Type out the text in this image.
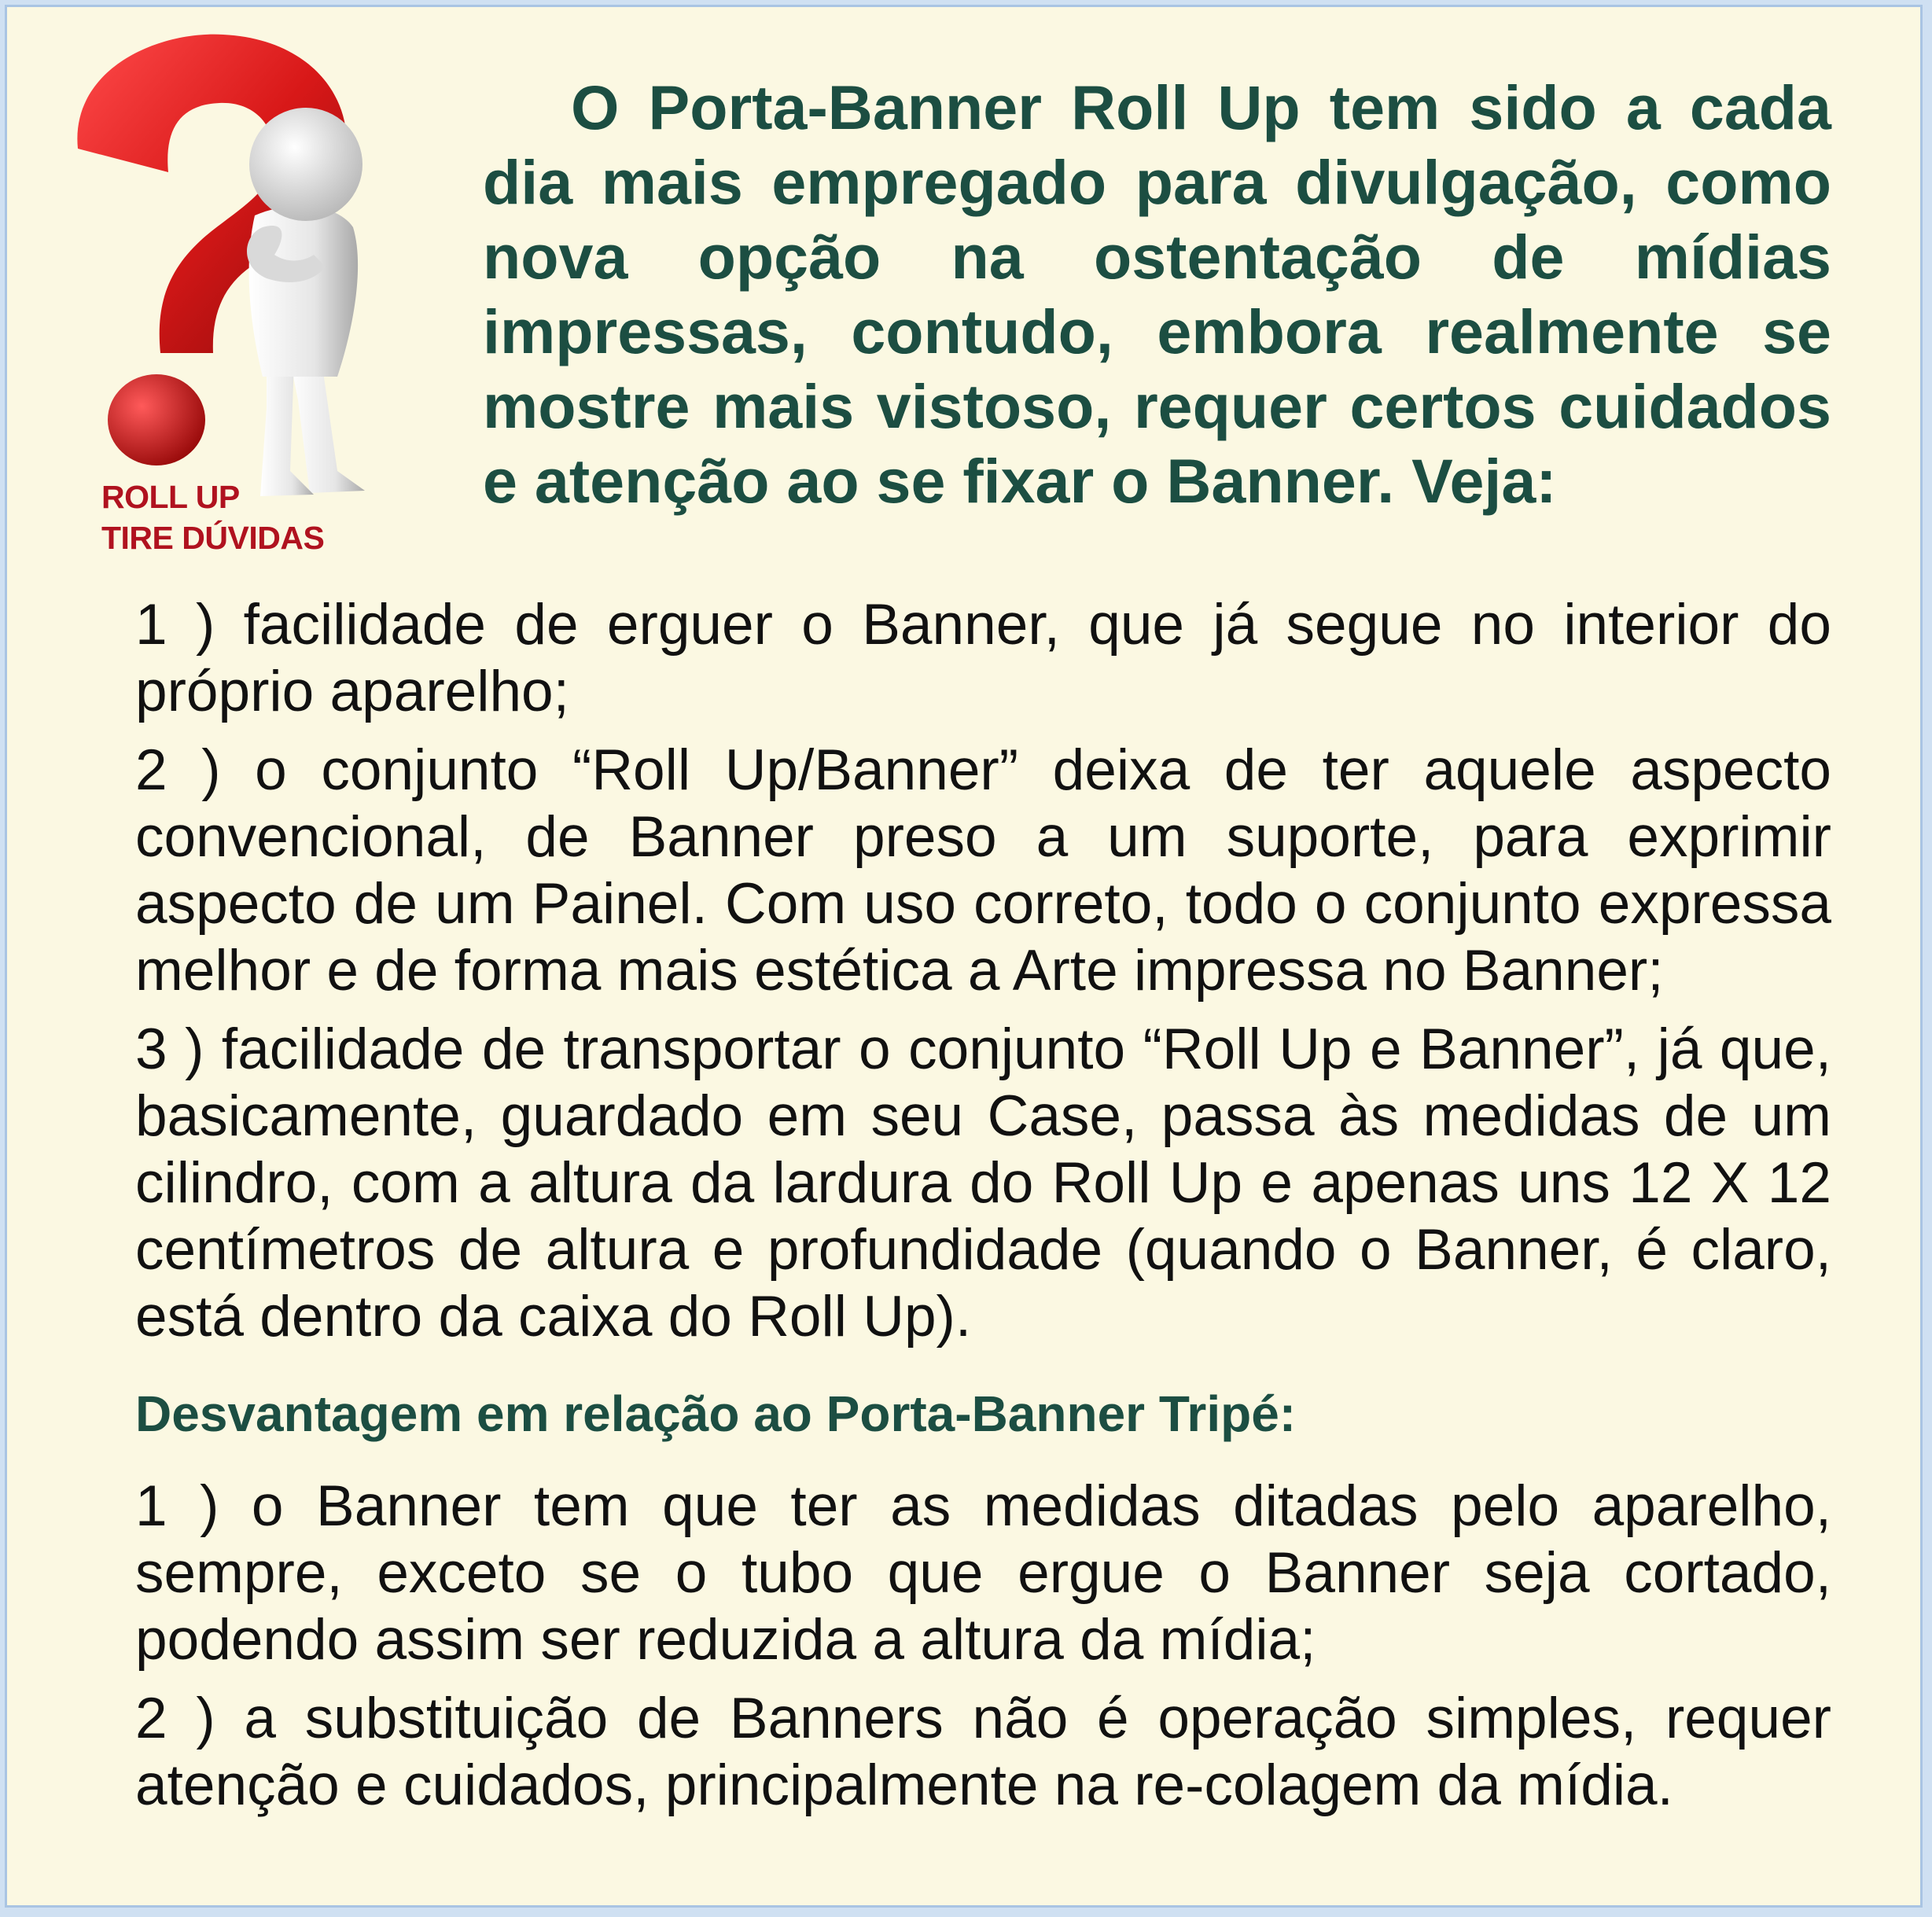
ROLL UP
TIRE DÚVIDAS

O Porta-Banner Roll Up tem sido a cada dia mais empregado para divulgação, como nova opção na ostentação de mídias impressas, contudo, embora realmente se mostre mais vistoso, requer certos cuidados e atenção ao se fixar o Banner. Veja:

1 ) facilidade de erguer o Banner, que já segue no interior do próprio aparelho;

2 ) o conjunto “Roll Up/Banner” deixa de ter aquele aspecto convencional, de Banner preso a um suporte, para exprimir aspecto de um Painel. Com uso correto, todo o conjunto expressa melhor e de forma mais estética a Arte impressa no Banner;

3 ) facilidade de transportar o conjunto “Roll Up e Banner”, já que, basicamente, guardado em seu Case, passa às medidas de um cilindro, com a altura da lardura do Roll Up e apenas uns 12 X 12 centímetros de altura e profundidade (quando o Banner, é claro, está dentro da caixa do Roll Up).

Desvantagem em relação ao Porta-Banner Tripé:

1 ) o Banner tem que ter as medidas ditadas pelo aparelho, sempre, exceto se o tubo que ergue o Banner seja cortado, podendo assim ser reduzida a altura da mídia;

2 ) a substituição de Banners não é operação simples, requer atenção e cuidados, principalmente na re-colagem da mídia.
